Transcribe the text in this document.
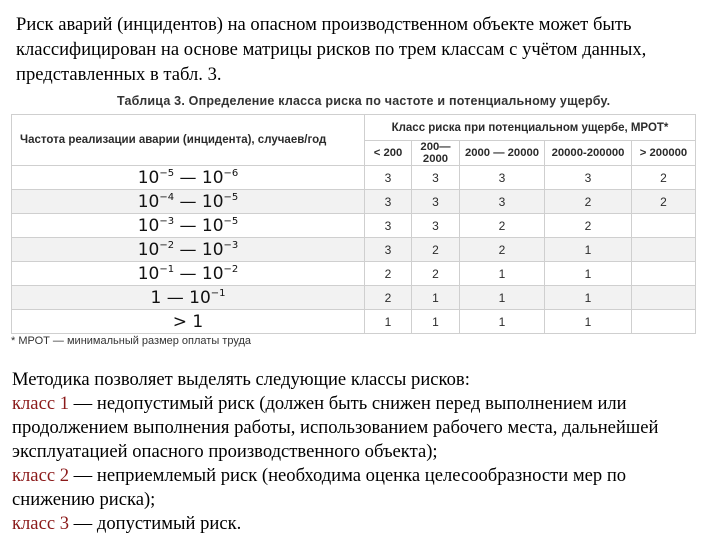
Риск аварий (инцидентов) на опасном производственном объекте может быть классифицирован на основе матрицы рисков по трем классам с учётом данных, представленных в табл. 3.
Таблица 3. Определение класса риска по частоте и потенциальному ущербу.
Частота реализации аварии (инцидента), случаев/год	Класс риска при потенциальном ущербе, МРОТ*				
	< 200	200—2000	2000 — 20000	20000-200000	> 200000
$10^{-5}$ — $10^{-6}$	3	3	3	3	2
$10^{-4}$ — $10^{-5}$	3	3	3	2	2
$10^{-3}$ — $10^{-5}$	3	3	2	2	
$10^{-2}$ — $10^{-3}$	3	2	2	1	
$10^{-1}$ — $10^{-2}$	2	2	1	1	
1 — $10^{-1}$	2	1	1	1	
> 1	1	1	1	1	
* МРОТ — минимальный размер оплаты труда
Методика позволяет выделять следующие классы рисков:
класс 1 — недопустимый риск (должен быть снижен перед выполнением или продолжением выполнения работы, использованием рабочего места, дальнейшей эксплуатацией опасного производственного объекта);
класс 2 — неприемлемый риск (необходима оценка целесообразности мер по снижению риска);
класс 3 — допустимый риск.
